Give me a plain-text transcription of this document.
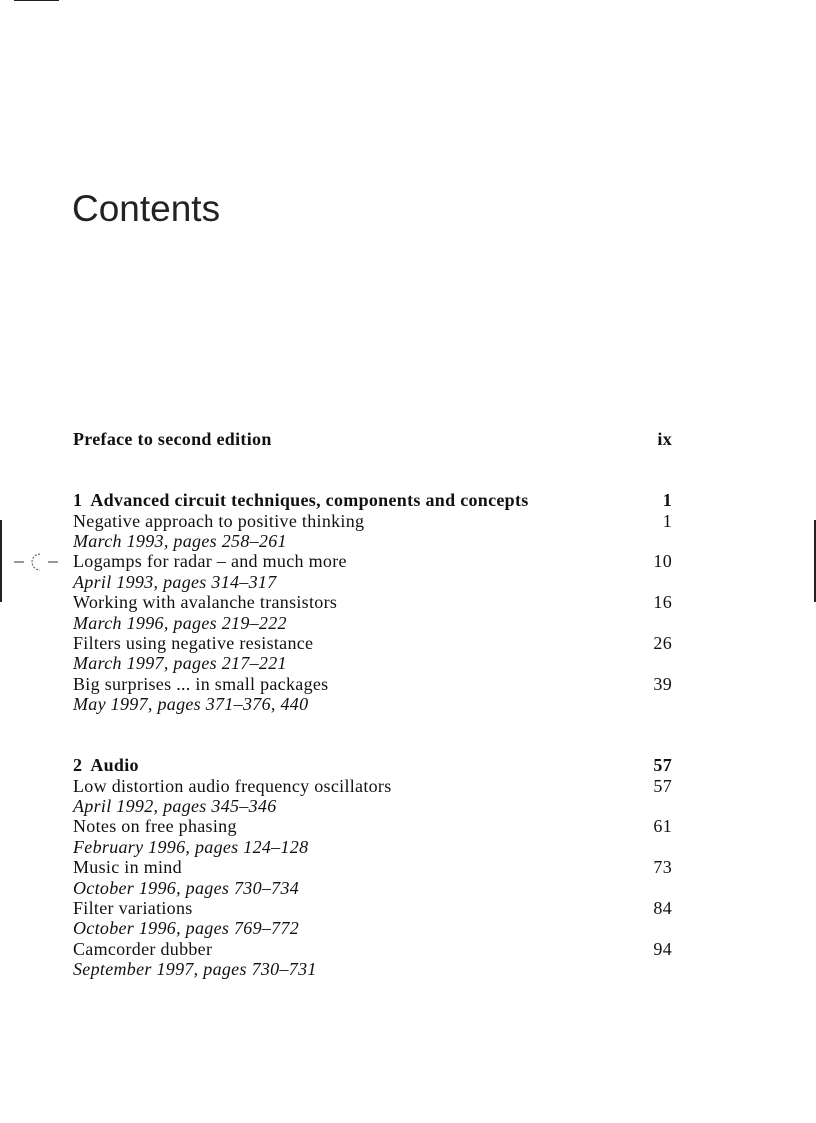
Contents
Preface to second edition	ix
1 Advanced circuit techniques, components and concepts	1
Negative approach to positive thinking	1
March 1993, pages 258–261
Logamps for radar – and much more	10
April 1993, pages 314–317
Working with avalanche transistors	16
March 1996, pages 219–222
Filters using negative resistance	26
March 1997, pages 217–221
Big surprises ... in small packages	39
May 1997, pages 371–376, 440
2 Audio	57
Low distortion audio frequency oscillators	57
April 1992, pages 345–346
Notes on free phasing	61
February 1996, pages 124–128
Music in mind	73
October 1996, pages 730–734
Filter variations	84
October 1996, pages 769–772
Camcorder dubber	94
September 1997, pages 730–731
